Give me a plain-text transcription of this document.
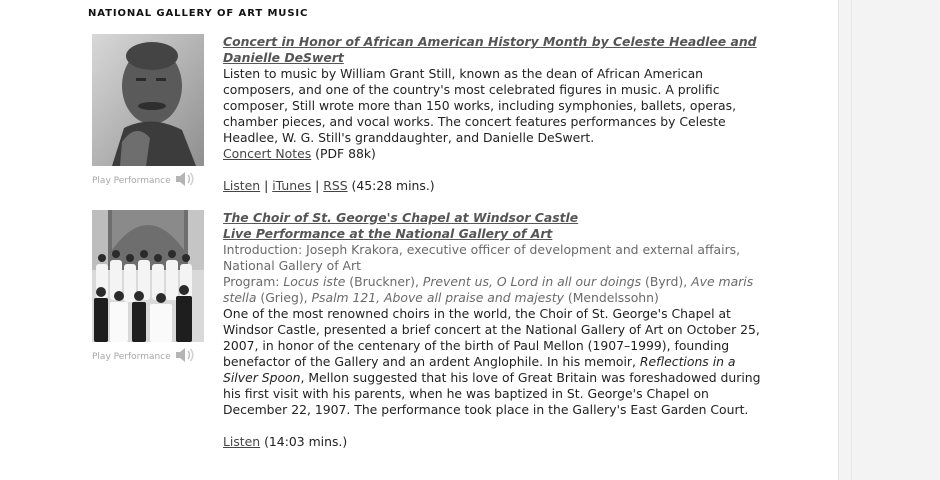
NATIONAL GALLERY OF ART MUSIC
Play Performance

Concert in Honor of African American History Month by Celeste Headlee and Danielle DeSwert

Listen to music by William Grant Still, known as the dean of African American composers, and one of the country's most celebrated figures in music. A prolific composer, Still wrote more than 150 works, including symphonies, ballets, operas, chamber pieces, and vocal works. The concert features performances by Celeste Headlee, W. G. Still's granddaughter, and Danielle DeSwert.

Concert Notes (PDF 88k)

Listen | iTunes | RSS (45:28 mins.)

Play Performance

The Choir of St. George's Chapel at Windsor Castle

Live Performance at the National Gallery of Art

Introduction: Joseph Krakora, executive officer of development and external affairs, National Gallery of Art

Program: Locus iste (Bruckner), Prevent us, O Lord in all our doings (Byrd), Ave maris stella (Grieg), Psalm 121, Above all praise and majesty (Mendelssohn)

One of the most renowned choirs in the world, the Choir of St. George's Chapel at Windsor Castle, presented a brief concert at the National Gallery of Art on October 25, 2007, in honor of the centenary of the birth of Paul Mellon (1907–1999), founding benefactor of the Gallery and an ardent Anglophile. In his memoir, Reflections in a Silver Spoon, Mellon suggested that his love of Great Britain was foreshadowed during his first visit with his parents, when he was baptized in St. George's Chapel on December 22, 1907. The performance took place in the Gallery's East Garden Court.

Listen (14:03 mins.)
